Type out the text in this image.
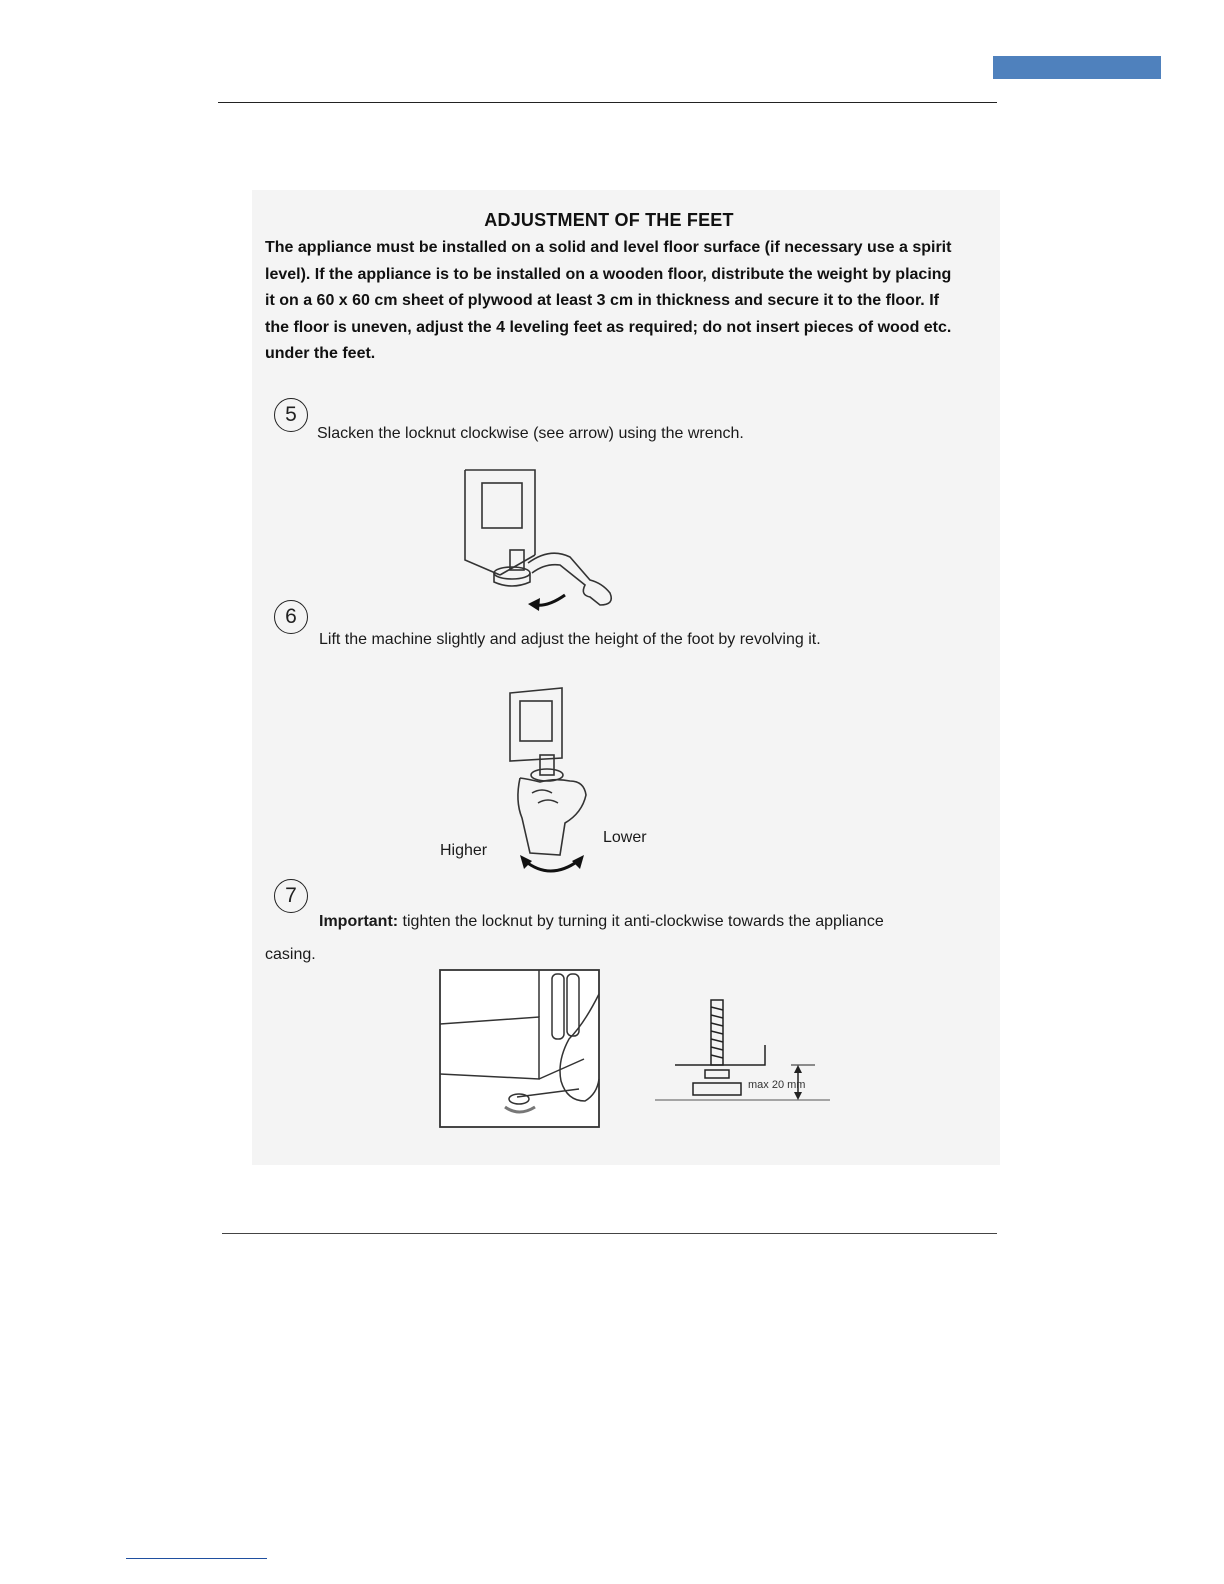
ADJUSTMENT OF THE FEET
The appliance must be installed on a solid and level floor surface (if necessary use a spirit level). If the appliance is to be installed on a wooden floor, distribute the weight by placing it on a 60 x 60 cm sheet of plywood at least 3 cm in thickness and secure it to the floor. If the floor is uneven, adjust the 4 leveling feet as required; do not insert pieces of wood etc. under the feet.
5
Slacken the locknut clockwise (see arrow) using the wrench.
6
Lift the machine slightly and adjust the height of the foot by revolving it.
Higher
Lower
7
Important: tighten the locknut by turning it anti-clockwise towards the appliance casing.
max 20 mm
